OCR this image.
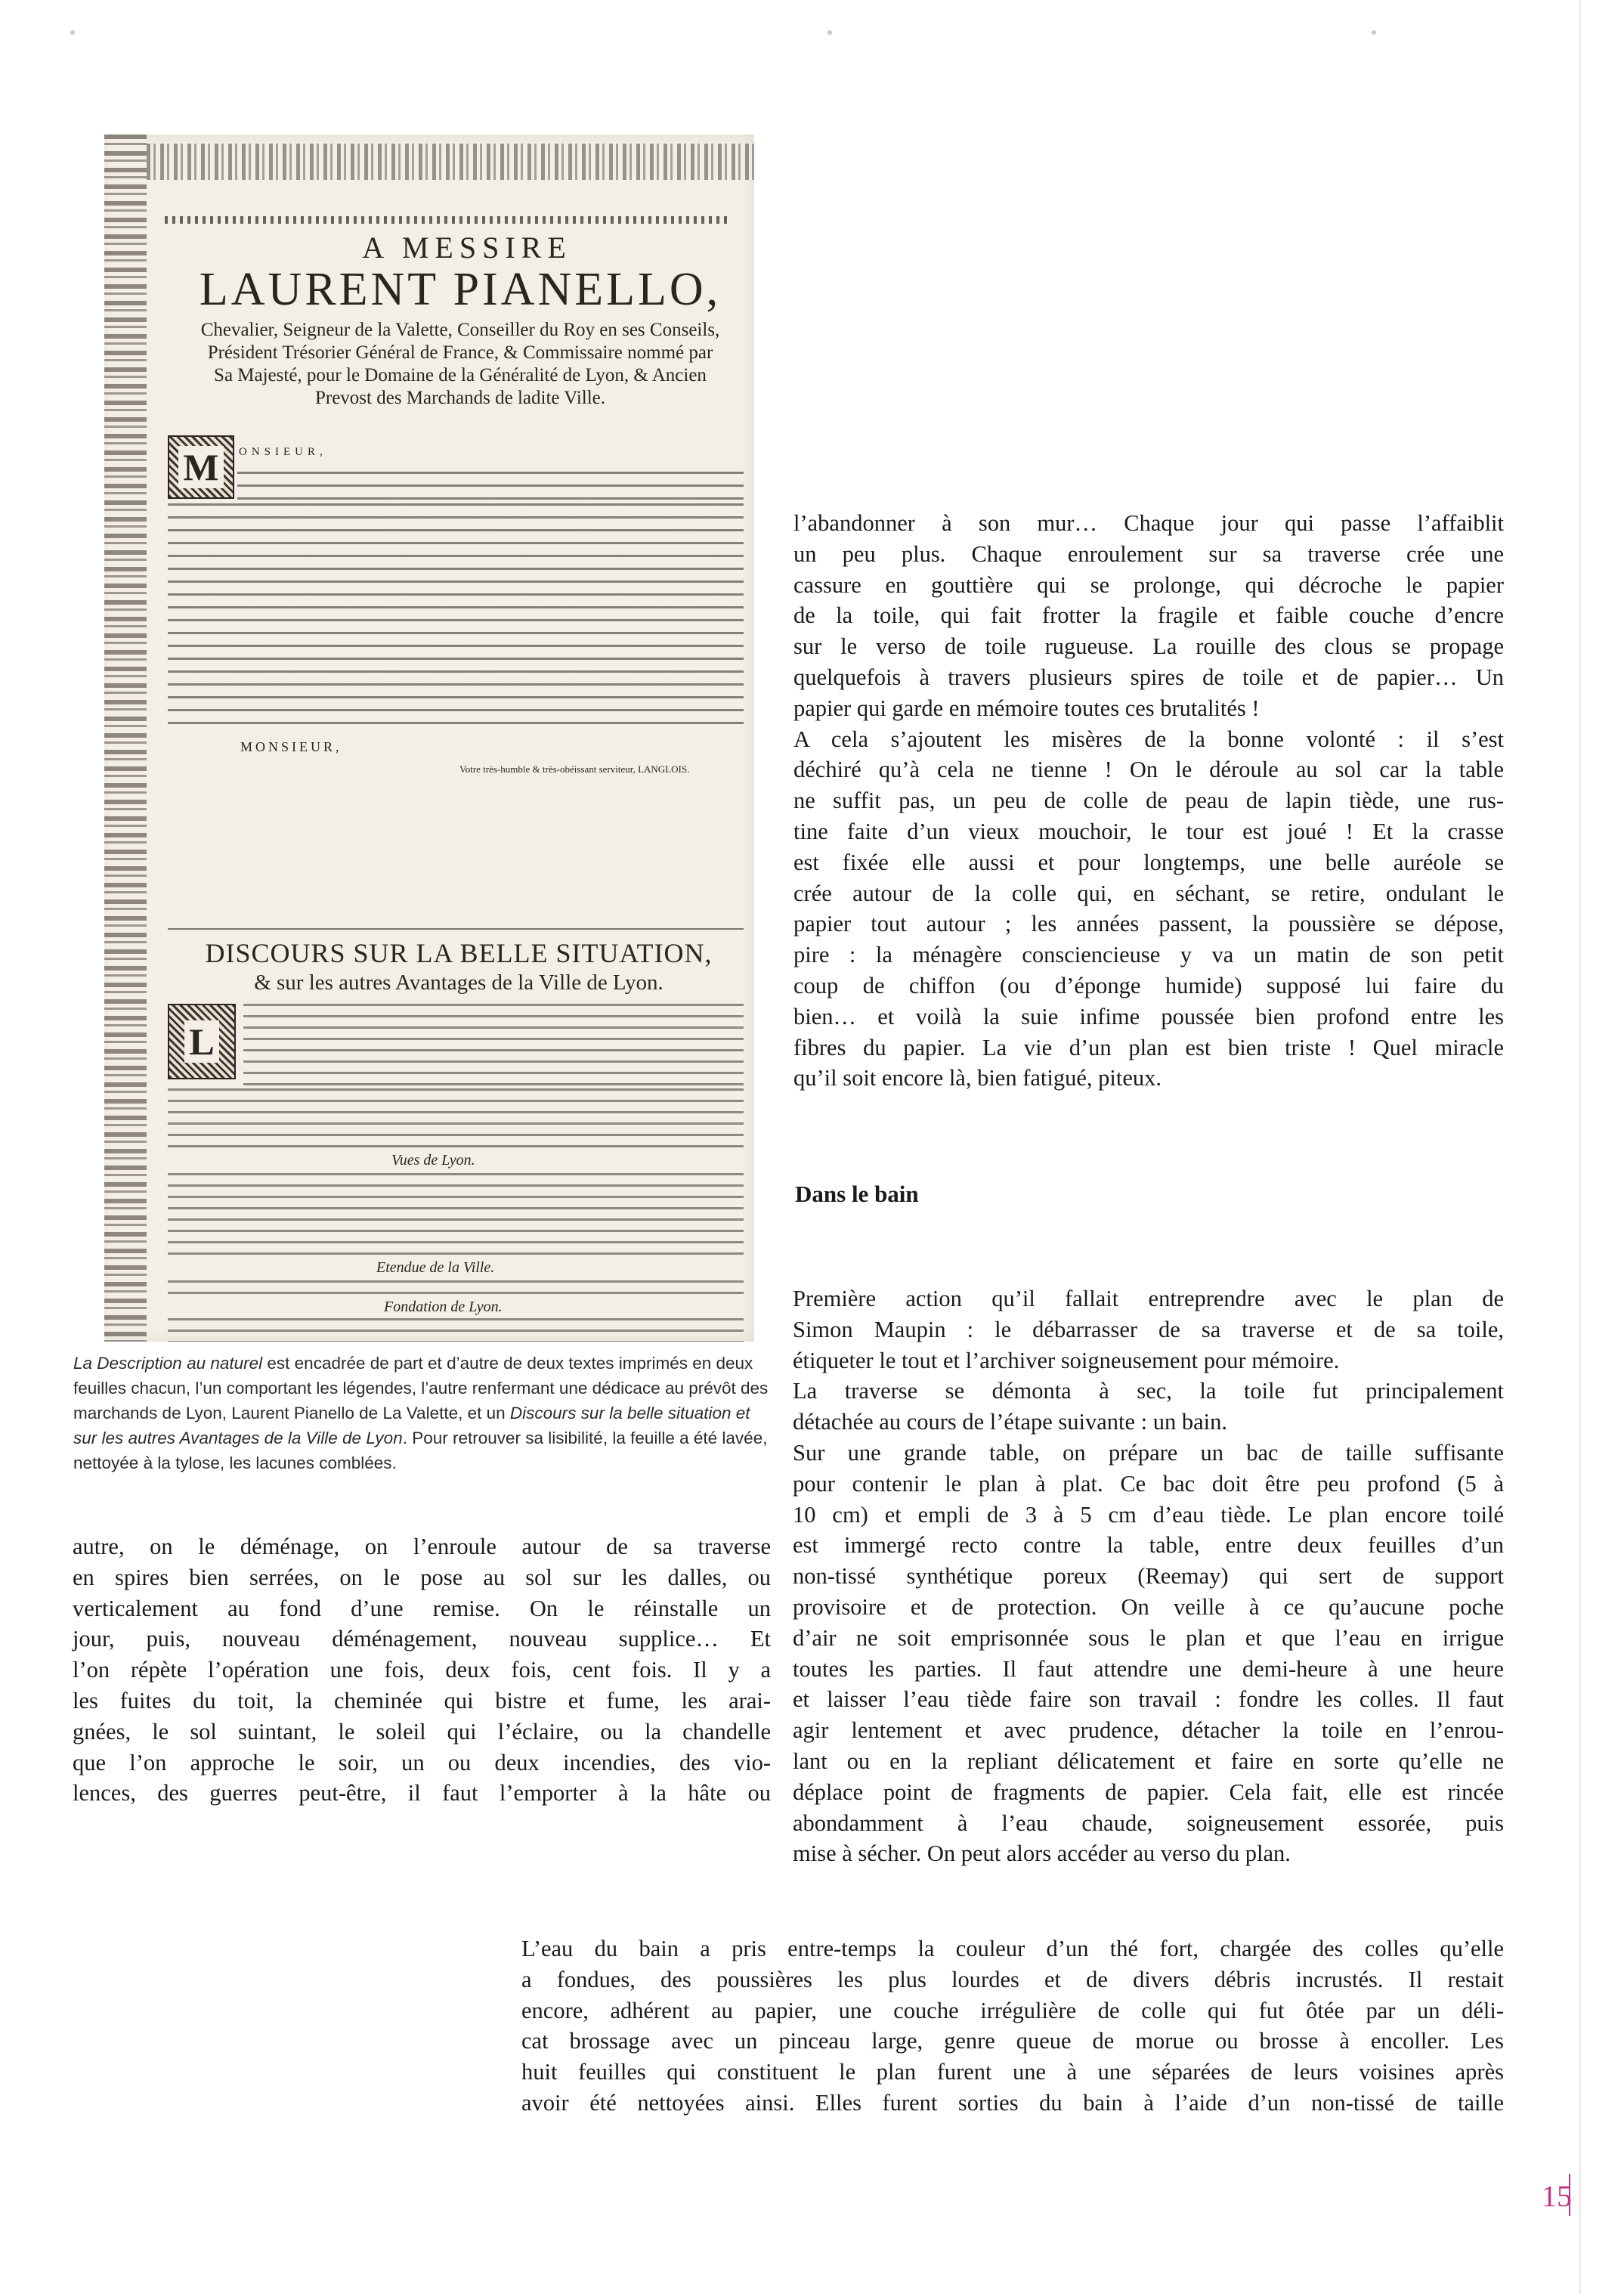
A MESSIRE
LAURENT PIANELLO,
Chevalier, Seigneur de la Valette, Conseiller du Roy en ses Conseils,
Président Trésorier Général de France, & Commissaire nommé par
Sa Majesté, pour le Domaine de la Généralité de Lyon, & Ancien
Prevost des Marchands de ladite Ville.
M	ONSIEUR,
MONSIEUR,
Votre très-humble & très-obéissant serviteur, LANGLOIS.
DISCOURS SUR LA BELLE SITUATION,
& sur les autres Avantages de la Ville de Lyon.
L
Vues de Lyon.
Etendue de la Ville.
Fondation de Lyon.
La Description au naturel est encadrée de part et d’autre de deux textes imprimés en deux feuilles chacun, l’un comportant les légendes, l’autre renfermant une dédicace au prévôt des marchands de Lyon, Laurent Pianello de La Valette, et un Discours sur la belle situation et sur les autres Avantages de la Ville de Lyon. Pour retrouver sa lisibilité, la feuille a été lavée, nettoyée à la tylose, les lacunes comblées.
l’abandonner à son mur… Chaque jour qui passe l’affaiblit
un peu plus. Chaque enroulement sur sa traverse crée une
cassure en gouttière qui se prolonge, qui décroche le papier
de la toile, qui fait frotter la fragile et faible couche d’encre
sur le verso de toile rugueuse. La rouille des clous se propage
quelquefois à travers plusieurs spires de toile et de papier… Un
papier qui garde en mémoire toutes ces brutalités !
A cela s’ajoutent les misères de la bonne volonté : il s’est
déchiré qu’à cela ne tienne ! On le déroule au sol car la table
ne suffit pas, un peu de colle de peau de lapin tiède, une rus-
tine faite d’un vieux mouchoir, le tour est joué ! Et la crasse
est fixée elle aussi et pour longtemps, une belle auréole se
crée autour de la colle qui, en séchant, se retire, ondulant le
papier tout autour ; les années passent, la poussière se dépose,
pire : la ménagère consciencieuse y va un matin de son petit
coup de chiffon (ou d’éponge humide) supposé lui faire du
bien… et voilà la suie infime poussée bien profond entre les
fibres du papier. La vie d’un plan est bien triste ! Quel miracle
qu’il soit encore là, bien fatigué, piteux.
Dans le bain
Première action qu’il fallait entreprendre avec le plan de
Simon Maupin : le débarrasser de sa traverse et de sa toile,
étiqueter le tout et l’archiver soigneusement pour mémoire.
La traverse se démonta à sec, la toile fut principalement
détachée au cours de l’étape suivante : un bain.
Sur une grande table, on prépare un bac de taille suffisante
pour contenir le plan à plat. Ce bac doit être peu profond (5 à
10 cm) et empli de 3 à 5 cm d’eau tiède. Le plan encore toilé
est immergé recto contre la table, entre deux feuilles d’un
non-tissé synthétique poreux (Reemay) qui sert de support
provisoire et de protection. On veille à ce qu’aucune poche
d’air ne soit emprisonnée sous le plan et que l’eau en irrigue
toutes les parties. Il faut attendre une demi-heure à une heure
et laisser l’eau tiède faire son travail : fondre les colles. Il faut
agir lentement et avec prudence, détacher la toile en l’enrou-
lant ou en la repliant délicatement et faire en sorte qu’elle ne
déplace point de fragments de papier. Cela fait, elle est rincée
abondamment à l’eau chaude, soigneusement essorée, puis
mise à sécher. On peut alors accéder au verso du plan.
autre, on le déménage, on l’enroule autour de sa traverse
en spires bien serrées, on le pose au sol sur les dalles, ou
verticalement au fond d’une remise. On le réinstalle un
jour, puis, nouveau déménagement, nouveau supplice… Et
l’on répète l’opération une fois, deux fois, cent fois. Il y a
les fuites du toit, la cheminée qui bistre et fume, les arai-
gnées, le sol suintant, le soleil qui l’éclaire, ou la chandelle
que l’on approche le soir, un ou deux incendies, des vio-
lences, des guerres peut-être, il faut l’emporter à la hâte ou
L’eau du bain a pris entre-temps la couleur d’un thé fort, chargée des colles qu’elle
a fondues, des poussières les plus lourdes et de divers débris incrustés. Il restait
encore, adhérent au papier, une couche irrégulière de colle qui fut ôtée par un déli-
cat brossage avec un pinceau large, genre queue de morue ou brosse à encoller. Les
huit feuilles qui constituent le plan furent une à une séparées de leurs voisines après
avoir été nettoyées ainsi. Elles furent sorties du bain à l’aide d’un non-tissé de taille
15
